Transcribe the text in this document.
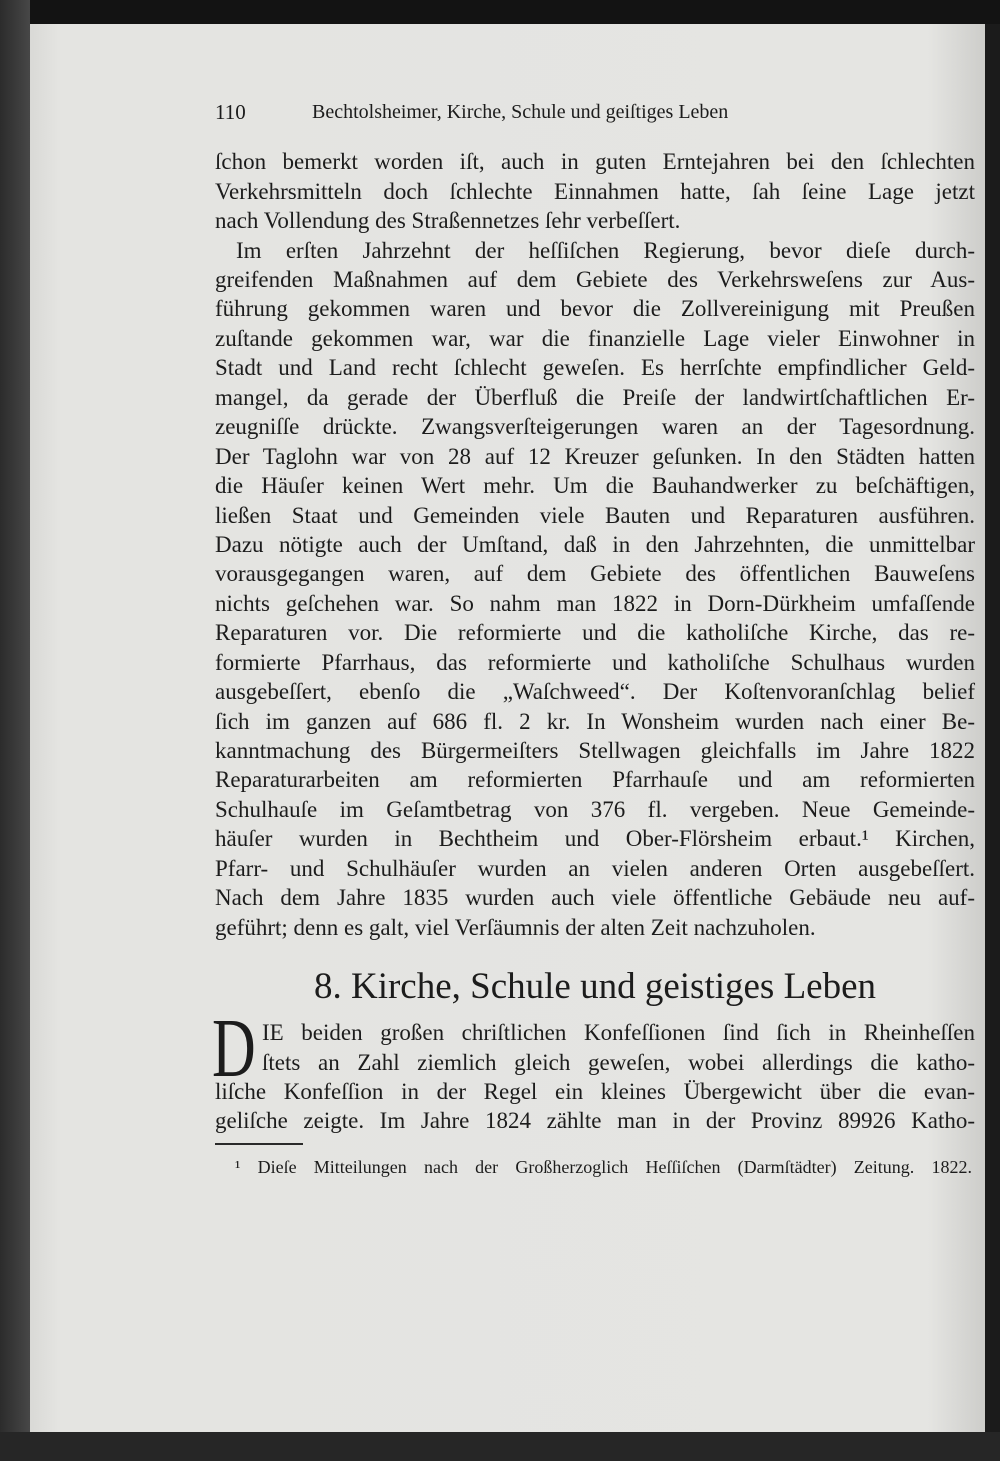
110	Bechtolsheimer, Kirche, Schule und geiſtiges Leben
ſchon bemerkt worden iſt, auch in guten Erntejahren bei den ſchlechten
Verkehrsmitteln doch ſchlechte Einnahmen hatte, ſah ſeine Lage jetzt
nach Vollendung des Straßennetzes ſehr verbeſſert.
Im erſten Jahrzehnt der heſſiſchen Regierung, bevor dieſe durch-
greifenden Maßnahmen auf dem Gebiete des Verkehrsweſens zur Aus-
führung gekommen waren und bevor die Zollvereinigung mit Preußen
zuſtande gekommen war, war die finanzielle Lage vieler Einwohner in
Stadt und Land recht ſchlecht geweſen. Es herrſchte empfindlicher Geld-
mangel, da gerade der Überfluß die Preiſe der landwirtſchaftlichen Er-
zeugniſſe drückte. Zwangsverſteigerungen waren an der Tagesordnung.
Der Taglohn war von 28 auf 12 Kreuzer geſunken. In den Städten hatten
die Häuſer keinen Wert mehr. Um die Bauhandwerker zu beſchäftigen,
ließen Staat und Gemeinden viele Bauten und Reparaturen ausführen.
Dazu nötigte auch der Umſtand, daß in den Jahrzehnten, die unmittelbar
vorausgegangen waren, auf dem Gebiete des öffentlichen Bauweſens
nichts geſchehen war. So nahm man 1822 in Dorn-Dürkheim umfaſſende
Reparaturen vor. Die reformierte und die katholiſche Kirche, das re-
formierte Pfarrhaus, das reformierte und katholiſche Schulhaus wurden
ausgebeſſert, ebenſo die „Waſchweed“. Der Koſtenvoranſchlag belief
ſich im ganzen auf 686 fl. 2 kr. In Wonsheim wurden nach einer Be-
kanntmachung des Bürgermeiſters Stellwagen gleichfalls im Jahre 1822
Reparaturarbeiten am reformierten Pfarrhauſe und am reformierten
Schulhauſe im Geſamtbetrag von 376 fl. vergeben. Neue Gemeinde-
häuſer wurden in Bechtheim und Ober-Flörsheim erbaut.¹ Kirchen,
Pfarr- und Schulhäuſer wurden an vielen anderen Orten ausgebeſſert.
Nach dem Jahre 1835 wurden auch viele öffentliche Gebäude neu auf-
geführt; denn es galt, viel Verſäumnis der alten Zeit nachzuholen.
8. Kirche, Schule und geistiges Leben
D IE beiden großen chriſtlichen Konfeſſionen ſind ſich in Rheinheſſen
ſtets an Zahl ziemlich gleich geweſen, wobei allerdings die katho-
liſche Konfeſſion in der Regel ein kleines Übergewicht über die evan-
geliſche zeigte. Im Jahre 1824 zählte man in der Provinz 89926 Katho-
¹ Dieſe Mitteilungen nach der Großherzoglich Heſſiſchen (Darmſtädter) Zeitung. 1822.
